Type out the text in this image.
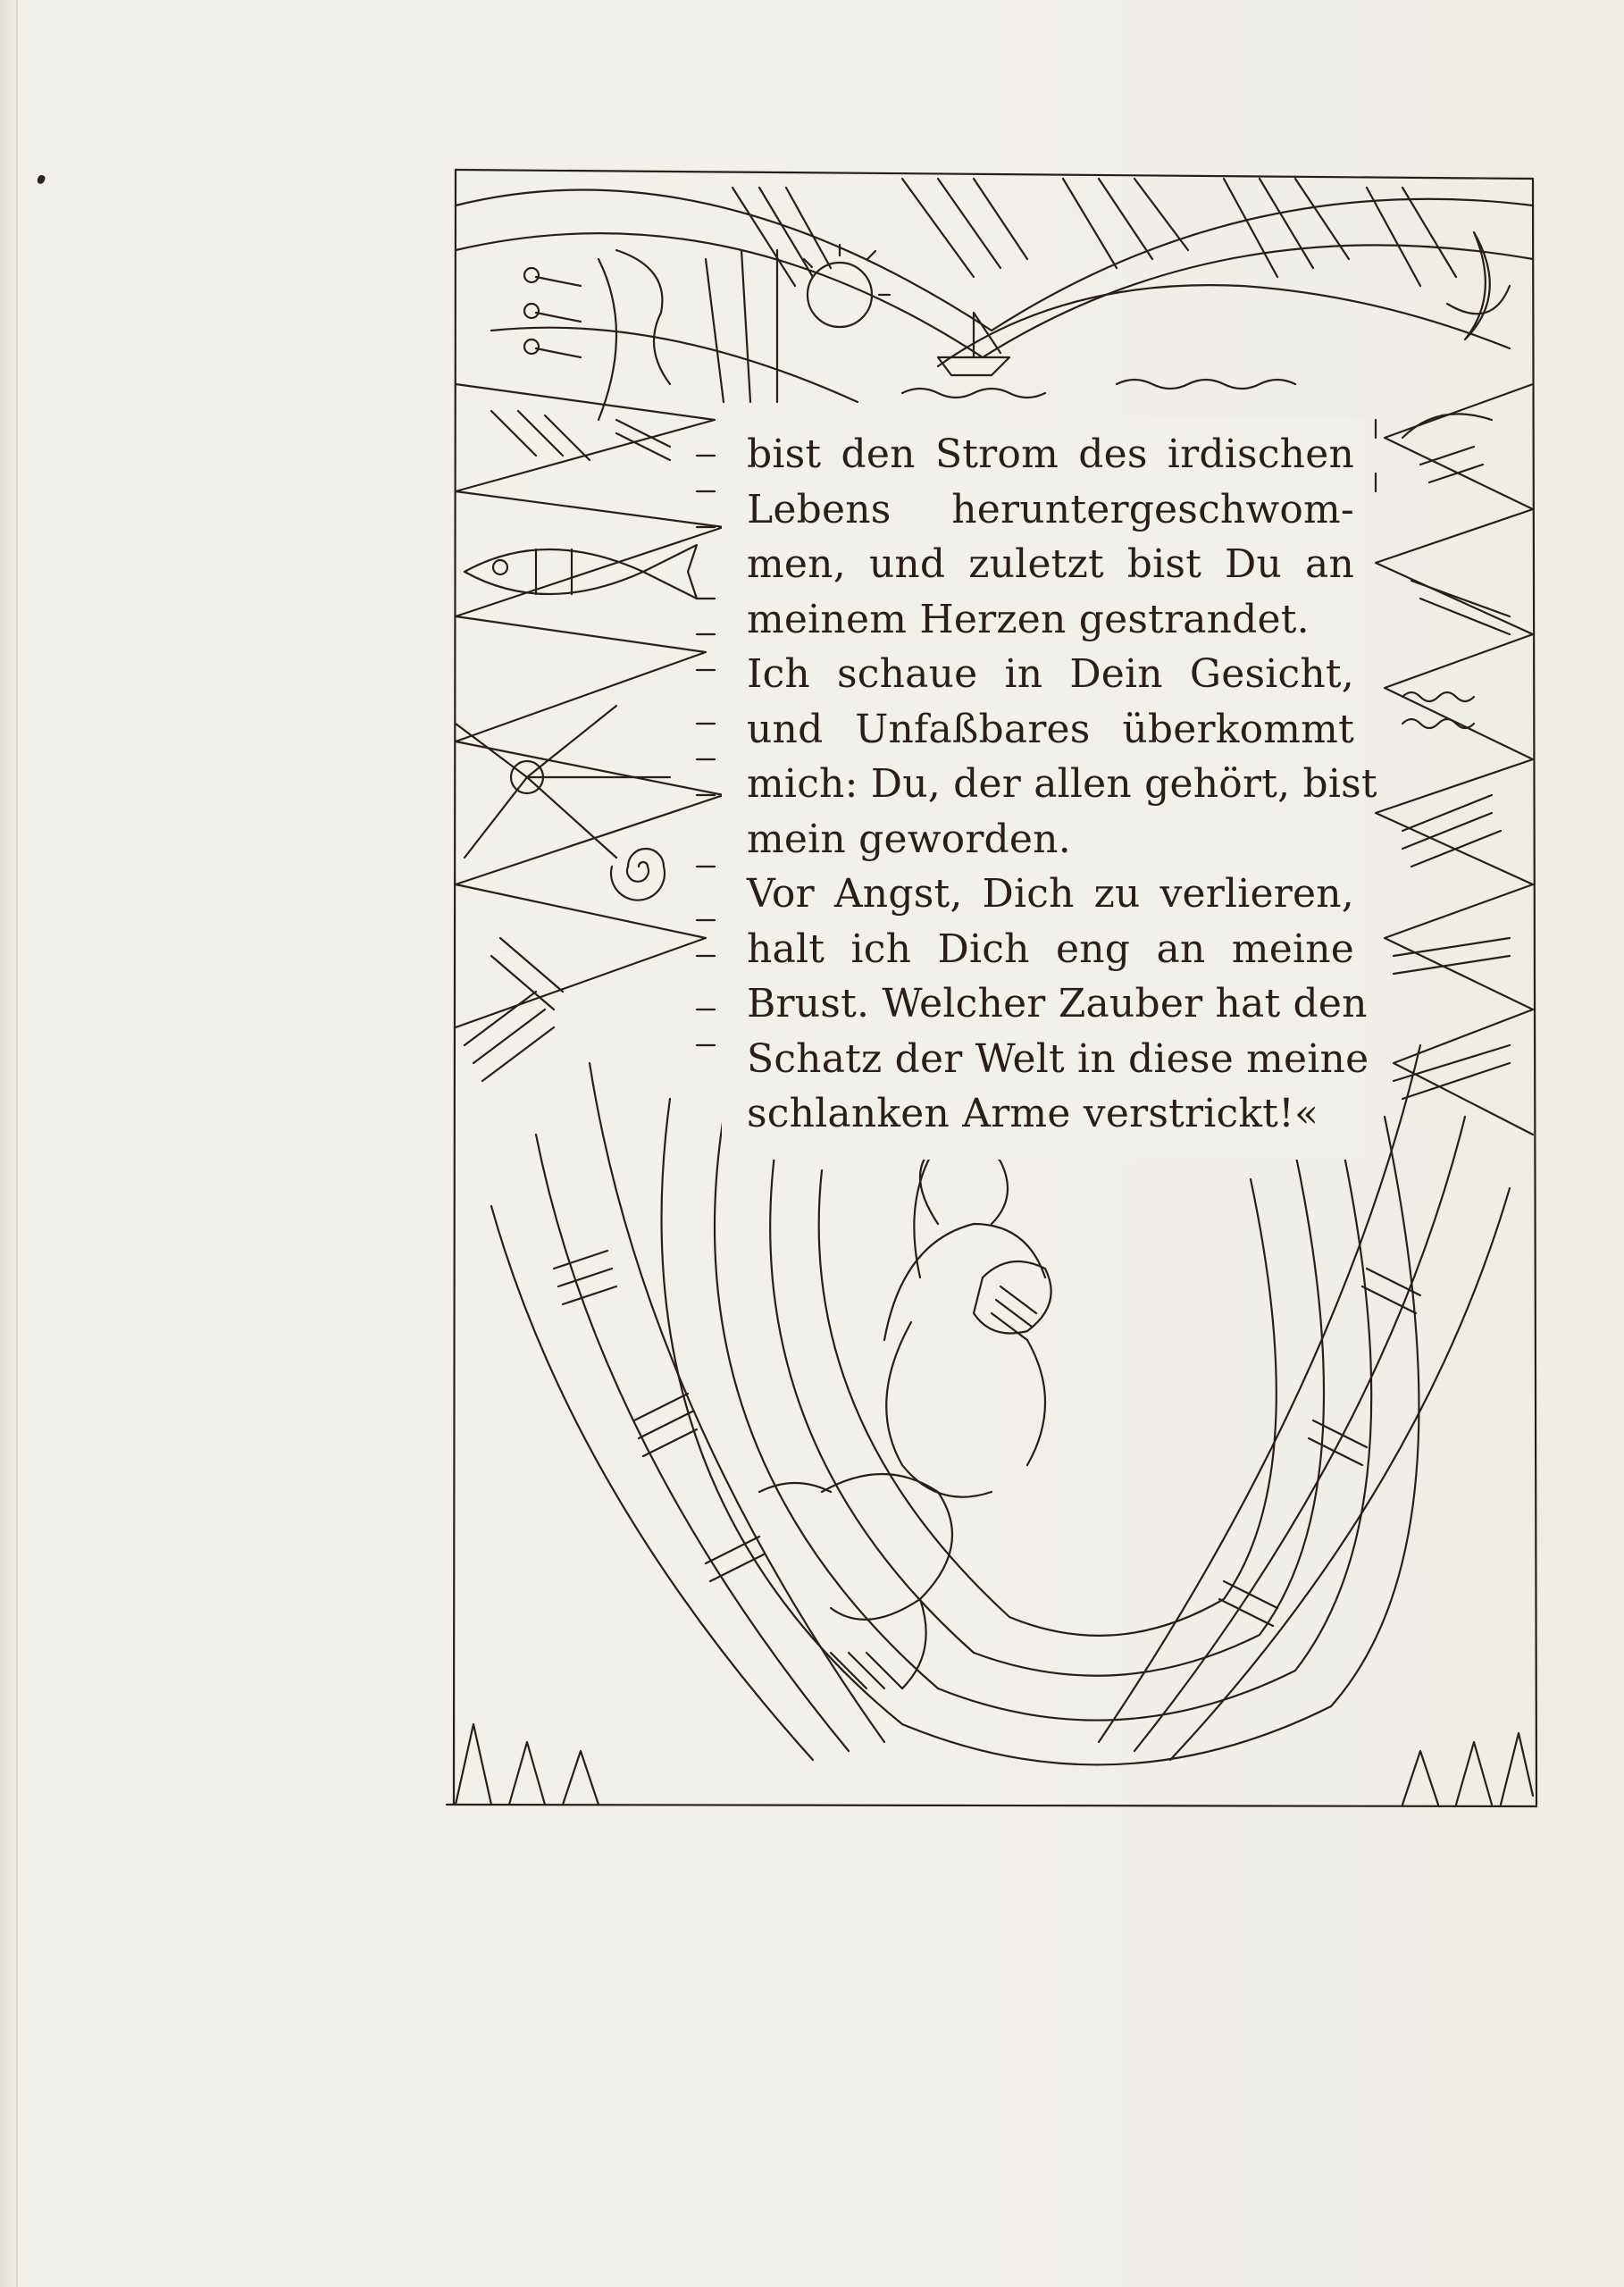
bist den Strom des irdischen
Lebens heruntergeschwom-
men, und zuletzt bist Du an
meinem Herzen gestrandet.
Ich schaue in Dein Gesicht,
und Unfaßbares überkommt
mich: Du, der allen gehört, bist
mein geworden.
Vor Angst, Dich zu verlieren,
halt ich Dich eng an meine
Brust. Welcher Zauber hat den
Schatz der Welt in diese meine
schlanken Arme verstrickt!«
